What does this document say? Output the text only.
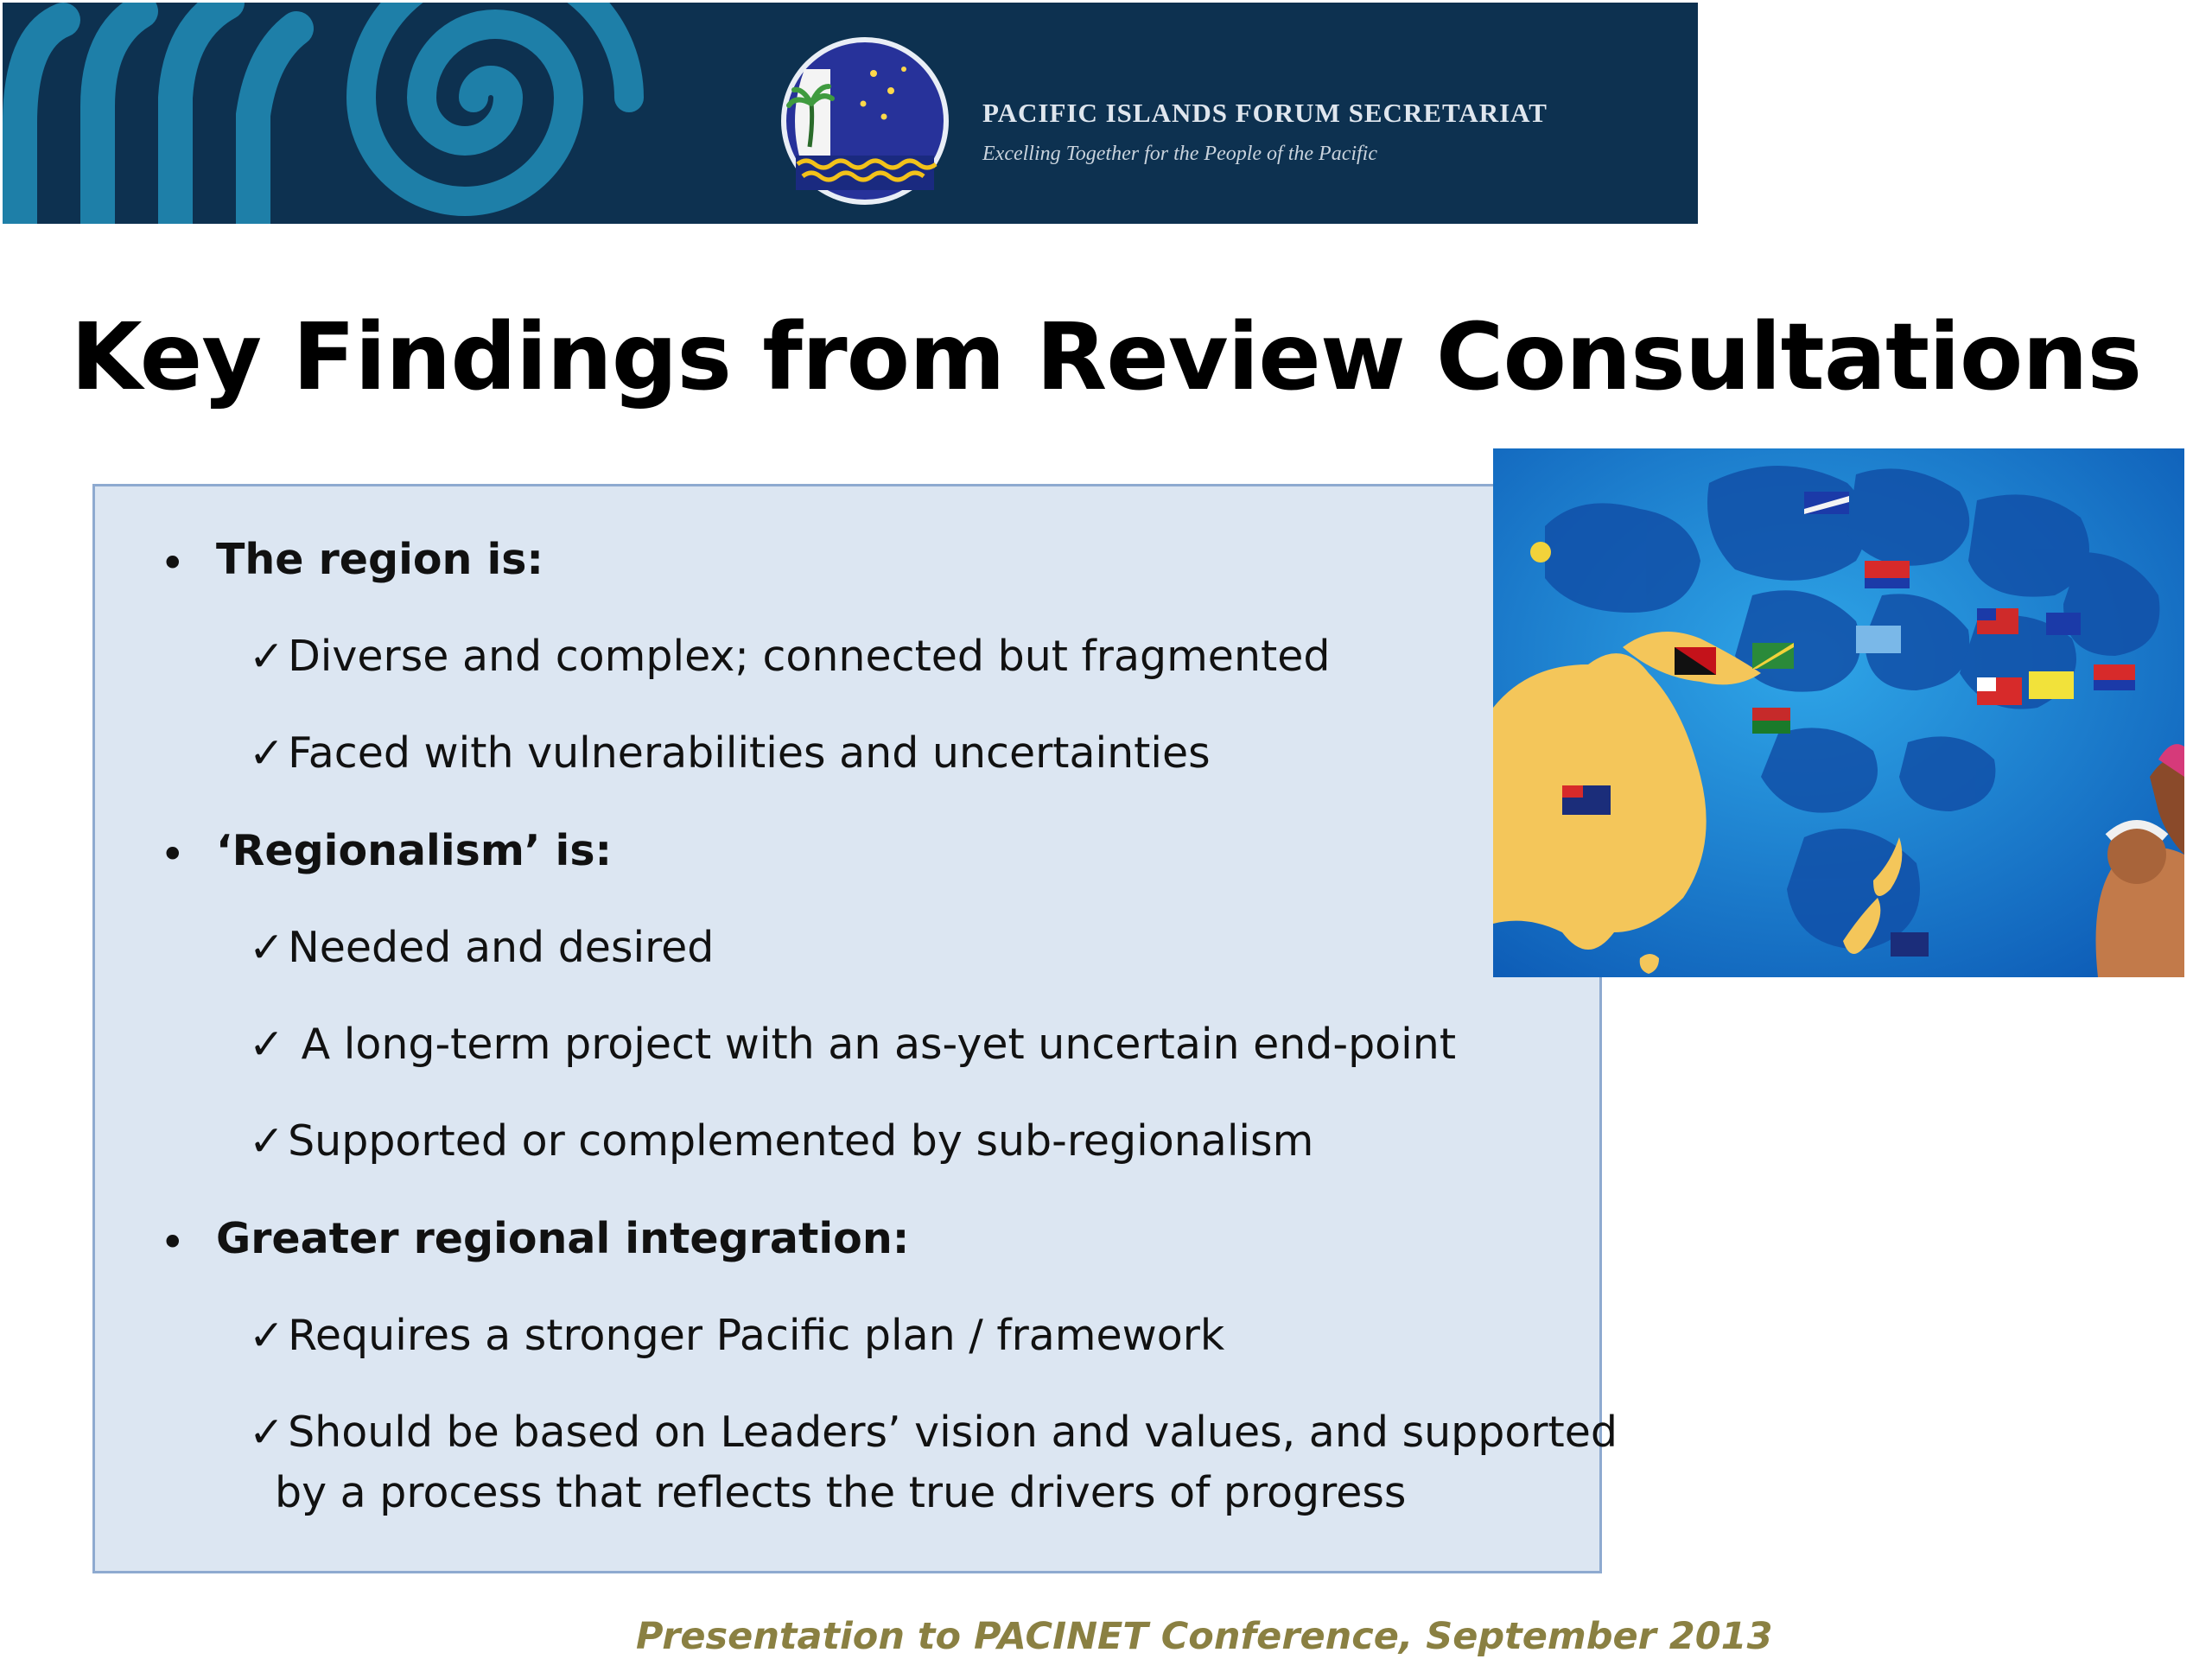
PACIFIC ISLANDS FORUM SECRETARIAT
Excelling Together for the People of the Pacific
Key Findings from Review Consultations
• The region is:
✓Diverse and complex; connected but fragmented
✓Faced with vulnerabilities and uncertainties
• ‘Regionalism’ is:
✓Needed and desired
✓ A long-term project with an as-yet uncertain end-point
✓Supported or complemented by sub-regionalism
• Greater regional integration:
✓Requires a stronger Pacific plan / framework
✓Should be based on Leaders’ vision and values, and supported
by a process that reflects the true drivers of progress
Presentation to PACINET Conference, September 2013
